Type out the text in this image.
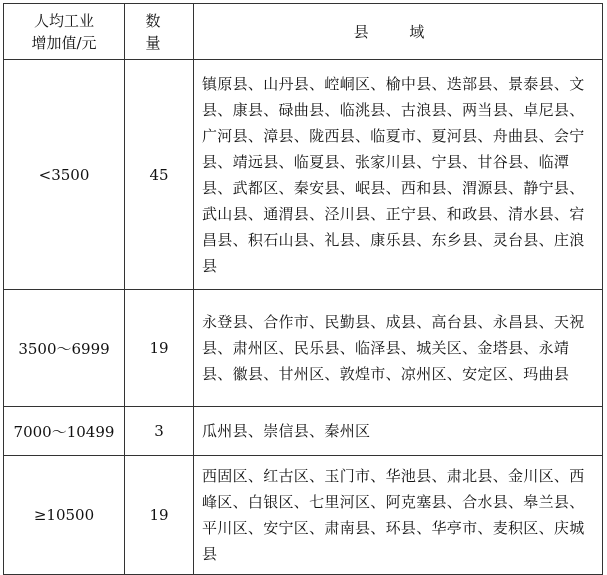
人均工业
增加值/元	数 量	县 域
<3500	45	镇原县、山丹县、崆峒区、榆中县、迭部县、景泰县、文县、康县、碌曲县、临洮县、古浪县、两当县、卓尼县、广河县、漳县、陇西县、临夏市、夏河县、舟曲县、会宁县、靖远县、临夏县、张家川县、宁县、甘谷县、临潭县、武都区、秦安县、岷县、西和县、渭源县、静宁县、武山县、通渭县、泾川县、正宁县、和政县、清水县、宕昌县、积石山县、礼县、康乐县、东乡县、灵台县、庄浪县
3500～6999	19	永登县、合作市、民勤县、成县、高台县、永昌县、天祝县、肃州区、民乐县、临泽县、城关区、金塔县、永靖县、徽县、甘州区、敦煌市、凉州区、安定区、玛曲县
7000～10499	3	瓜州县、崇信县、秦州区
≥10500	19	西固区、红古区、玉门市、华池县、肃北县、金川区、西峰区、白银区、七里河区、阿克塞县、合水县、皋兰县、平川区、安宁区、肃南县、环县、华亭市、麦积区、庆城县
